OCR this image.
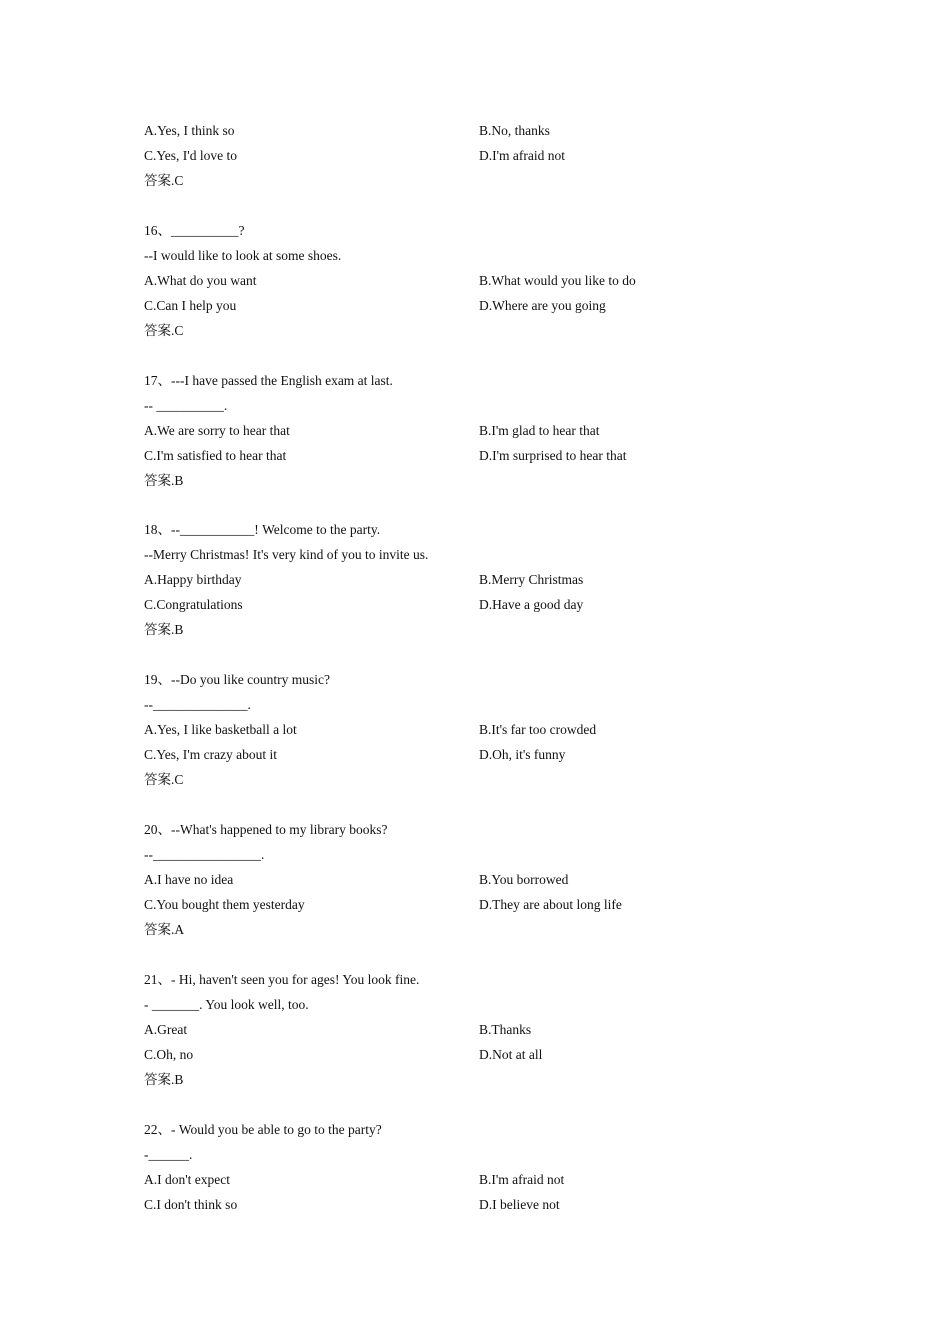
A.Yes, I think so	B.No, thanks
C.Yes, I'd love to	D.I'm afraid not
答案.C
16、__________?
--I would like to look at some shoes.
A.What do you want	B.What would you like to do
C.Can I help you	D.Where are you going
答案.C
17、---I have passed the English exam at last.
-- __________.
A.We are sorry to hear that	B.I'm glad to hear that
C.I'm satisfied to hear that	D.I'm surprised to hear that
答案.B
18、--___________! Welcome to the party.
--Merry Christmas! It's very kind of you to invite us.
A.Happy birthday	B.Merry Christmas
C.Congratulations	D.Have a good day
答案.B
19、--Do you like country music?
--______________.
A.Yes, I like basketball a lot	B.It's far too crowded
C.Yes, I'm crazy about it	D.Oh, it's funny
答案.C
20、--What's happened to my library books?
--________________.
A.I have no idea	B.You borrowed
C.You bought them yesterday	D.They are about long life
答案.A
21、- Hi, haven't seen you for ages! You look fine.
- _______. You look well, too.
A.Great	B.Thanks
C.Oh, no	D.Not at all
答案.B
22、- Would you be able to go to the party?
-______.
A.I don't expect	B.I'm afraid not
C.I don't think so	D.I believe not
